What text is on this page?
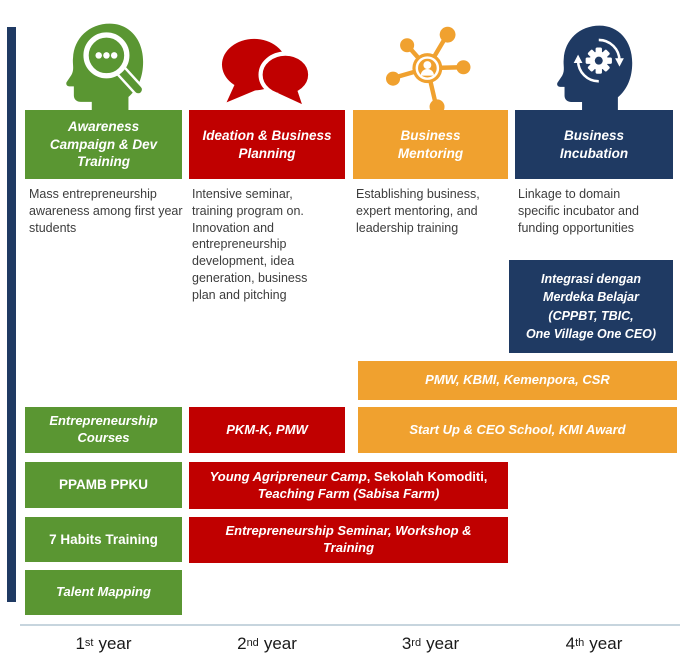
Awareness Campaign & Dev Training
Ideation & Business Planning
Business Mentoring
Business Incubation
Mass entrepreneurship awareness among first year students
Intensive seminar, training program on. Innovation and entrepreneurship development, idea generation, business plan and pitching
Establishing business, expert mentoring, and leadership training
Linkage to domain specific incubator and funding opportunities
Integrasi dengan
Merdeka Belajar
(CPPBT, TBIC,
One Village One CEO)
PMW, KBMI, Kemenpora, CSR
Entrepreneurship Courses
PKM-K, PMW	Start Up & CEO School, KMI Award
PPAMB PPKU
Young Agripreneur Camp, Sekolah Komoditi, Teaching Farm (Sabisa Farm)
7 Habits Training
Entrepreneurship Seminar, Workshop & Training
Talent Mapping
1st year	2nd year	3rd year	4th year
